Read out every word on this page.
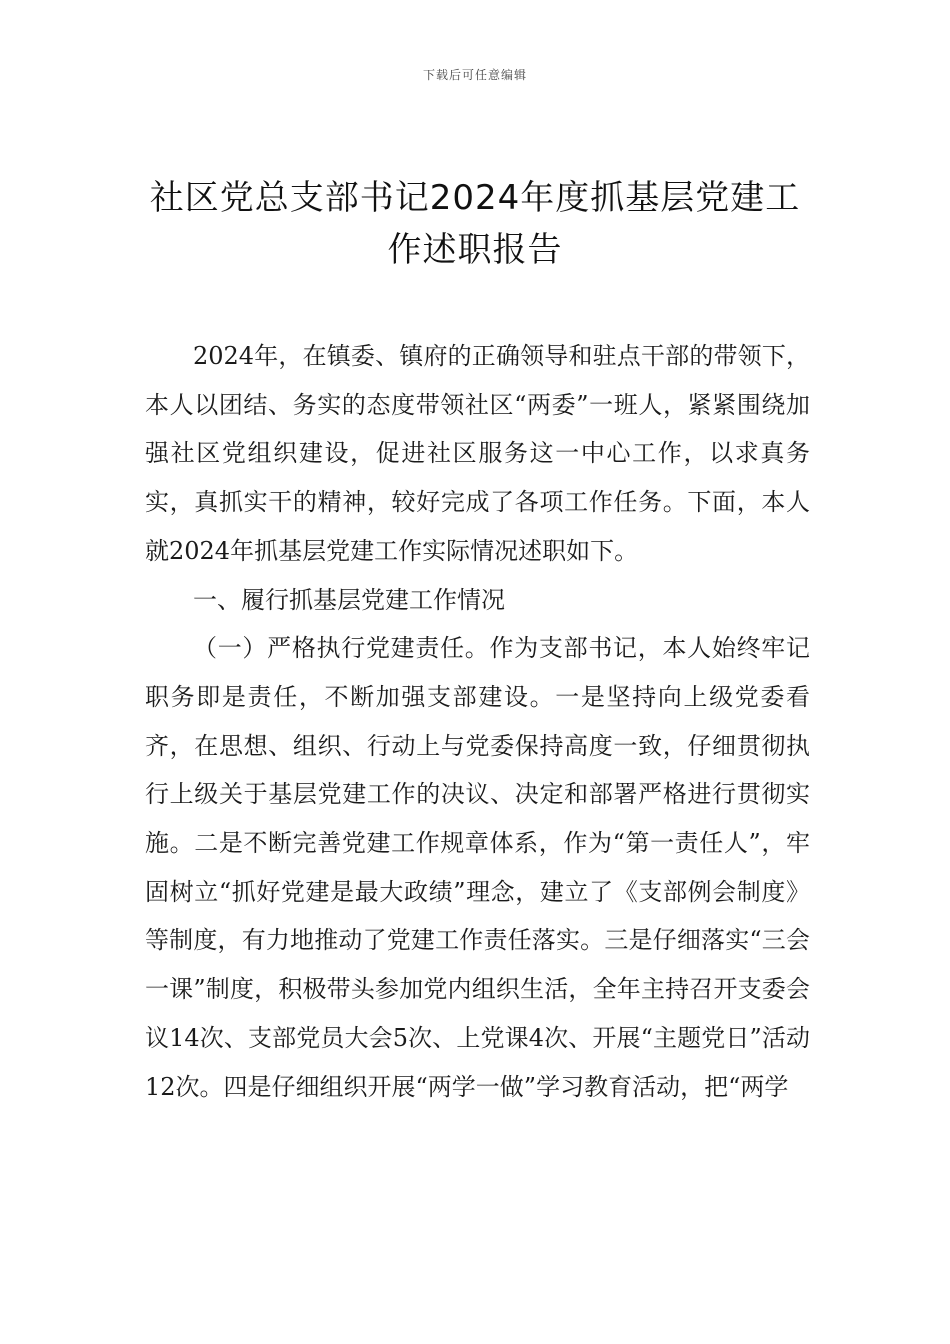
下载后可任意编辑
社区党总支部书记2024年度抓基层党建工
作述职报告

2024年，在镇委、镇府的正确领导和驻点干部的带领下，本人以团结、务实的态度带领社区“两委”一班人，紧紧围绕加强社区党组织建设，促进社区服务这一中心工作，以求真务实，真抓实干的精神，较好完成了各项工作任务。下面，本人就2024年抓基层党建工作实际情况述职如下。

一、履行抓基层党建工作情况

（一）严格执行党建责任。作为支部书记，本人始终牢记职务即是责任，不断加强支部建设。一是坚持向上级党委看齐，在思想、组织、行动上与党委保持高度一致，仔细贯彻执行上级关于基层党建工作的决议、决定和部署严格进行贯彻实施。二是不断完善党建工作规章体系，作为“第一责任人”，牢固树立“抓好党建是最大政绩”理念，建立了《支部例会制度》等制度，有力地推动了党建工作责任落实。三是仔细落实“三会一课”制度，积极带头参加党内组织生活，全年主持召开支委会议14次、支部党员大会5次、上党课4次、开展“主题党日”活动12次。四是仔细组织开展“两学一做”学习教育活动，把“两学
